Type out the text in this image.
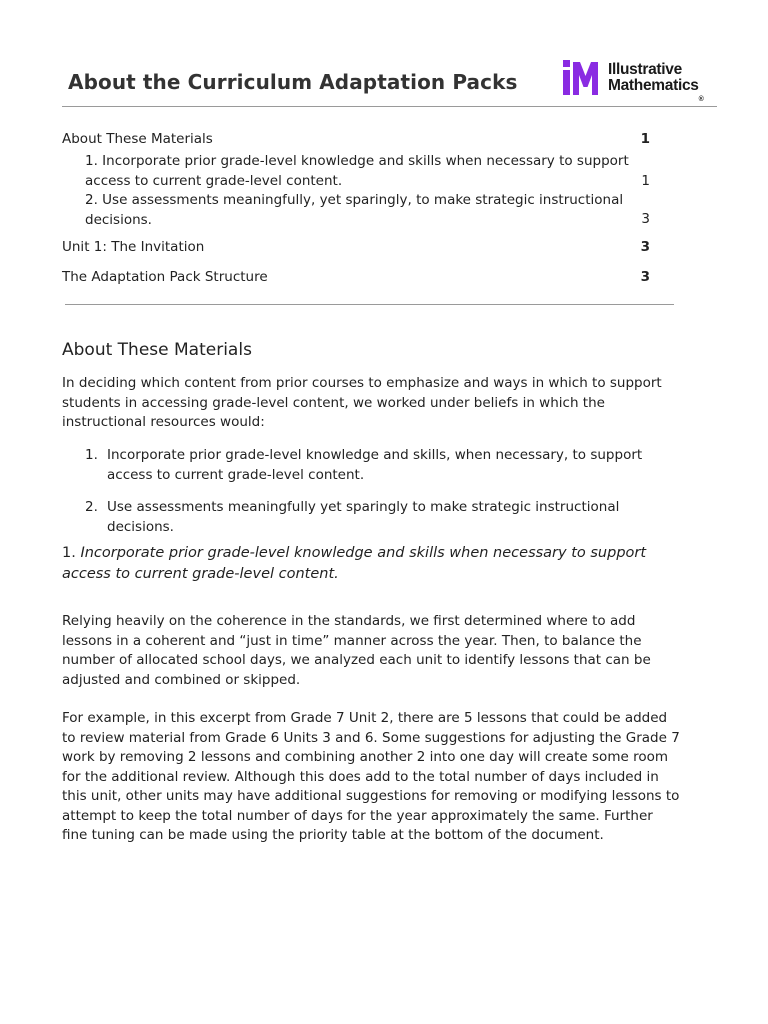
About the Curriculum Adaptation Packs
Illustrative
Mathematics®
About These Materials	1
1. Incorporate prior grade-level knowledge and skills when necessary to support access to current grade-level content.	1
2. Use assessments meaningfully, yet sparingly, to make strategic instructional decisions.	3
Unit 1: The Invitation	3
The Adaptation Pack Structure	3
About These Materials
In deciding which content from prior courses to emphasize and ways in which to support students in accessing grade-level content, we worked under beliefs in which the instructional resources would:
1. Incorporate prior grade-level knowledge and skills, when necessary, to support access to current grade-level content.
2. Use assessments meaningfully yet sparingly to make strategic instructional decisions.
1. Incorporate prior grade-level knowledge and skills when necessary to support access to current grade-level content.
Relying heavily on the coherence in the standards, we first determined where to add lessons in a coherent and “just in time” manner across the year. Then, to balance the number of allocated school days, we analyzed each unit to identify lessons that can be adjusted and combined or skipped.
For example, in this excerpt from Grade 7 Unit 2, there are 5 lessons that could be added to review material from Grade 6 Units 3 and 6. Some suggestions for adjusting the Grade 7 work by removing 2 lessons and combining another 2 into one day will create some room for the additional review. Although this does add to the total number of days included in this unit, other units may have additional suggestions for removing or modifying lessons to attempt to keep the total number of days for the year approximately the same. Further fine tuning can be made using the priority table at the bottom of the document.
